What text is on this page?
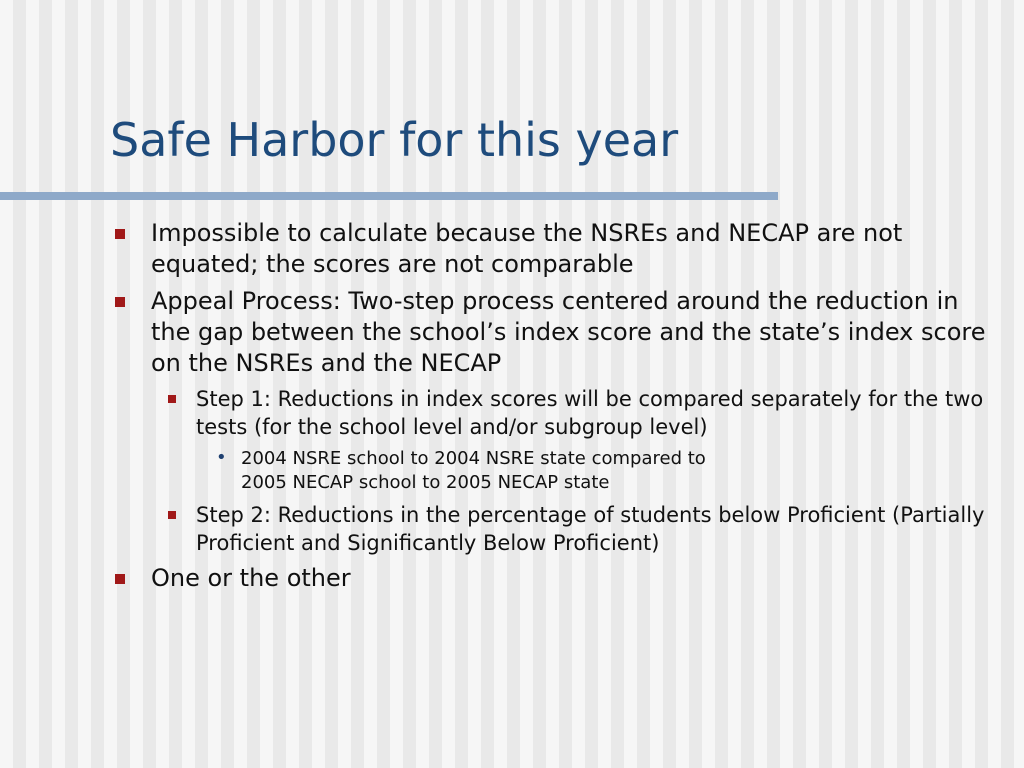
Safe Harbor for this year
Impossible to calculate because the NSREs and NECAP are not equated; the scores are not comparable
Appeal Process: Two-step process centered around the reduction in the gap between the school’s index score and the state’s index score on the NSREs and the NECAP
Step 1: Reductions in index scores will be compared separately for the two tests (for the school level and/or subgroup level)
• 2004 NSRE school to 2004 NSRE state compared to
2005 NECAP school to 2005 NECAP state
Step 2: Reductions in the percentage of students below Proficient (Partially Proficient and Significantly Below Proficient)
One or the other
